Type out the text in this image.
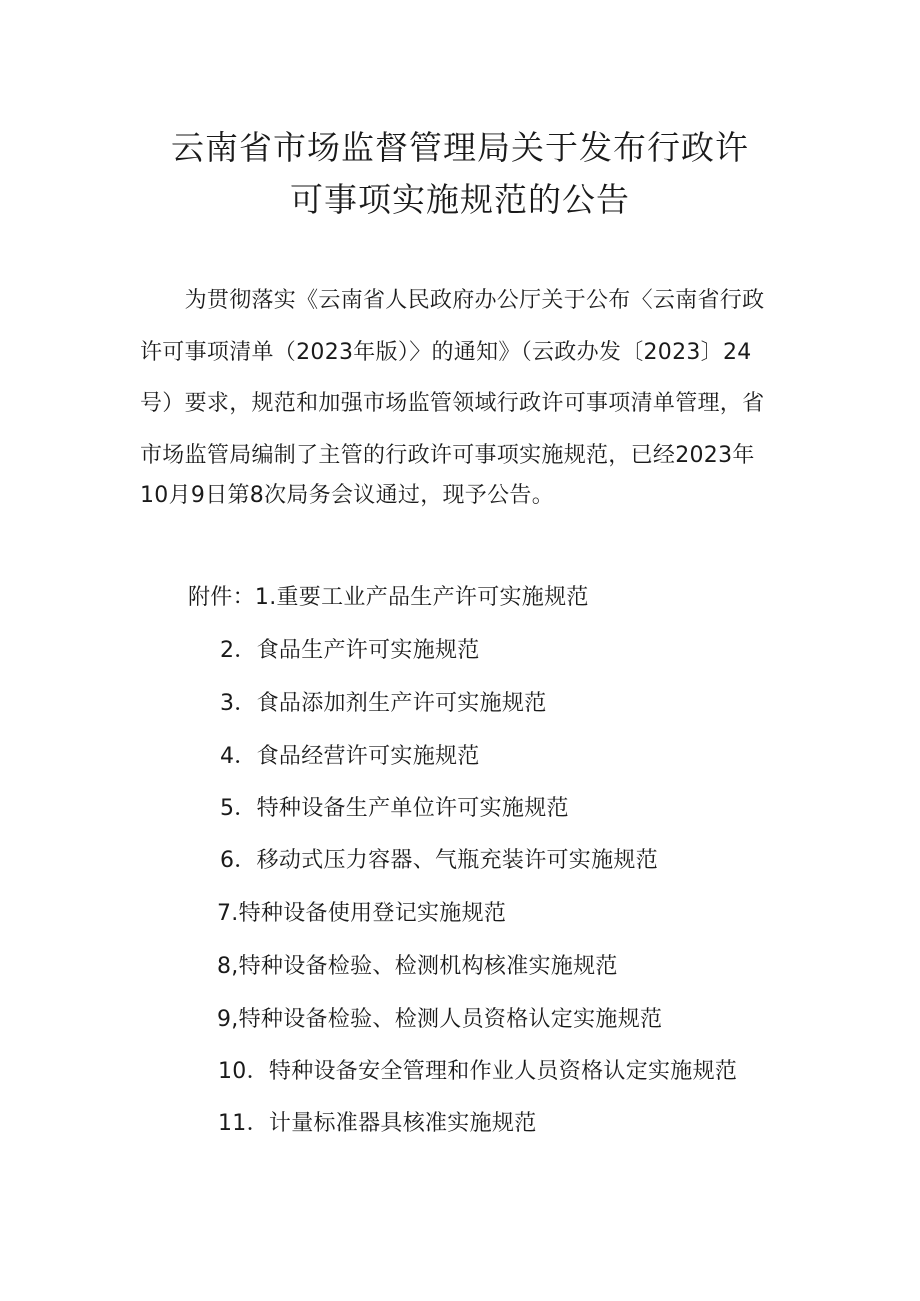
云南省市场监督管理局关于发布行政许
可事项实施规范的公告
　　为贯彻落实《云南省人民政府办公厅关于公布〈云南省行政
许可事项清单（2023年版）〉的通知》（云政办发〔2023〕24
号）要求，规范和加强市场监管领域行政许可事项清单管理，省
市场监管局编制了主管的行政许可事项实施规范，已经2023年
10月9日第8次局务会议通过，现予公告。
附件：1.重要工业产品生产许可实施规范
2．食品生产许可实施规范
3．食品添加剂生产许可实施规范
4．食品经营许可实施规范
5．特种设备生产单位许可实施规范
6．移动式压力容器、气瓶充装许可实施规范
7.特种设备使用登记实施规范
8,特种设备检验、检测机构核准实施规范
9,特种设备检验、检测人员资格认定实施规范
10．特种设备安全管理和作业人员资格认定实施规范
11．计量标准器具核准实施规范
